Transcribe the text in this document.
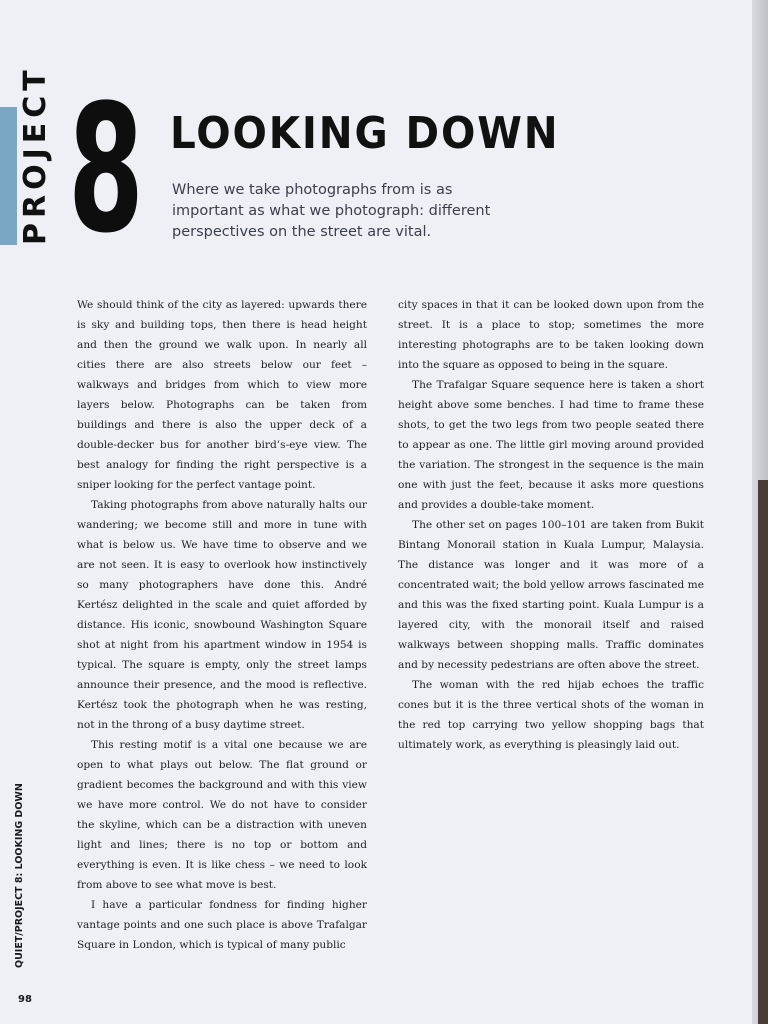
PROJECT 8 LOOKING DOWN
Where we take photographs from is as important as what we photograph: different perspectives on the street are vital.

We should think of the city as layered: upwards there is sky and building tops, then there is head height and then the ground we walk upon. In nearly all cities there are also streets below our feet – walkways and bridges from which to view more layers below. Photographs can be taken from buildings and there is also the upper deck of a double-decker bus for another bird’s-eye view. The best analogy for finding the right perspective is a sniper looking for the perfect vantage point.

Taking photographs from above naturally halts our wandering; we become still and more in tune with what is below us. We have time to observe and we are not seen. It is easy to overlook how instinctively so many photographers have done this. André Kertész delighted in the scale and quiet afforded by distance. His iconic, snowbound Washington Square shot at night from his apartment window in 1954 is typical. The square is empty, only the street lamps announce their presence, and the mood is reflective. Kertész took the photograph when he was resting, not in the throng of a busy daytime street.

This resting motif is a vital one because we are open to what plays out below. The flat ground or gradient becomes the background and with this view we have more control. We do not have to consider the skyline, which can be a distraction with uneven light and lines; there is no top or bottom and everything is even. It is like chess – we need to look from above to see what move is best.

I have a particular fondness for finding higher vantage points and one such place is above Trafalgar Square in London, which is typical of many public

city spaces in that it can be looked down upon from the street. It is a place to stop; sometimes the more interesting photographs are to be taken looking down into the square as opposed to being in the square.

The Trafalgar Square sequence here is taken a short height above some benches. I had time to frame these shots, to get the two legs from two people seated there to appear as one. The little girl moving around provided the variation. The strongest in the sequence is the main one with just the feet, because it asks more questions and provides a double-take moment.

The other set on pages 100–101 are taken from Bukit Bintang Monorail station in Kuala Lumpur, Malaysia. The distance was longer and it was more of a concentrated wait; the bold yellow arrows fascinated me and this was the fixed starting point. Kuala Lumpur is a layered city, with the monorail itself and raised walkways between shopping malls. Traffic dominates and by necessity pedestrians are often above the street.

The woman with the red hijab echoes the traffic cones but it is the three vertical shots of the woman in the red top carrying two yellow shopping bags that ultimately work, as everything is pleasingly laid out.

QUIET/PROJECT 8: LOOKING DOWN
98
